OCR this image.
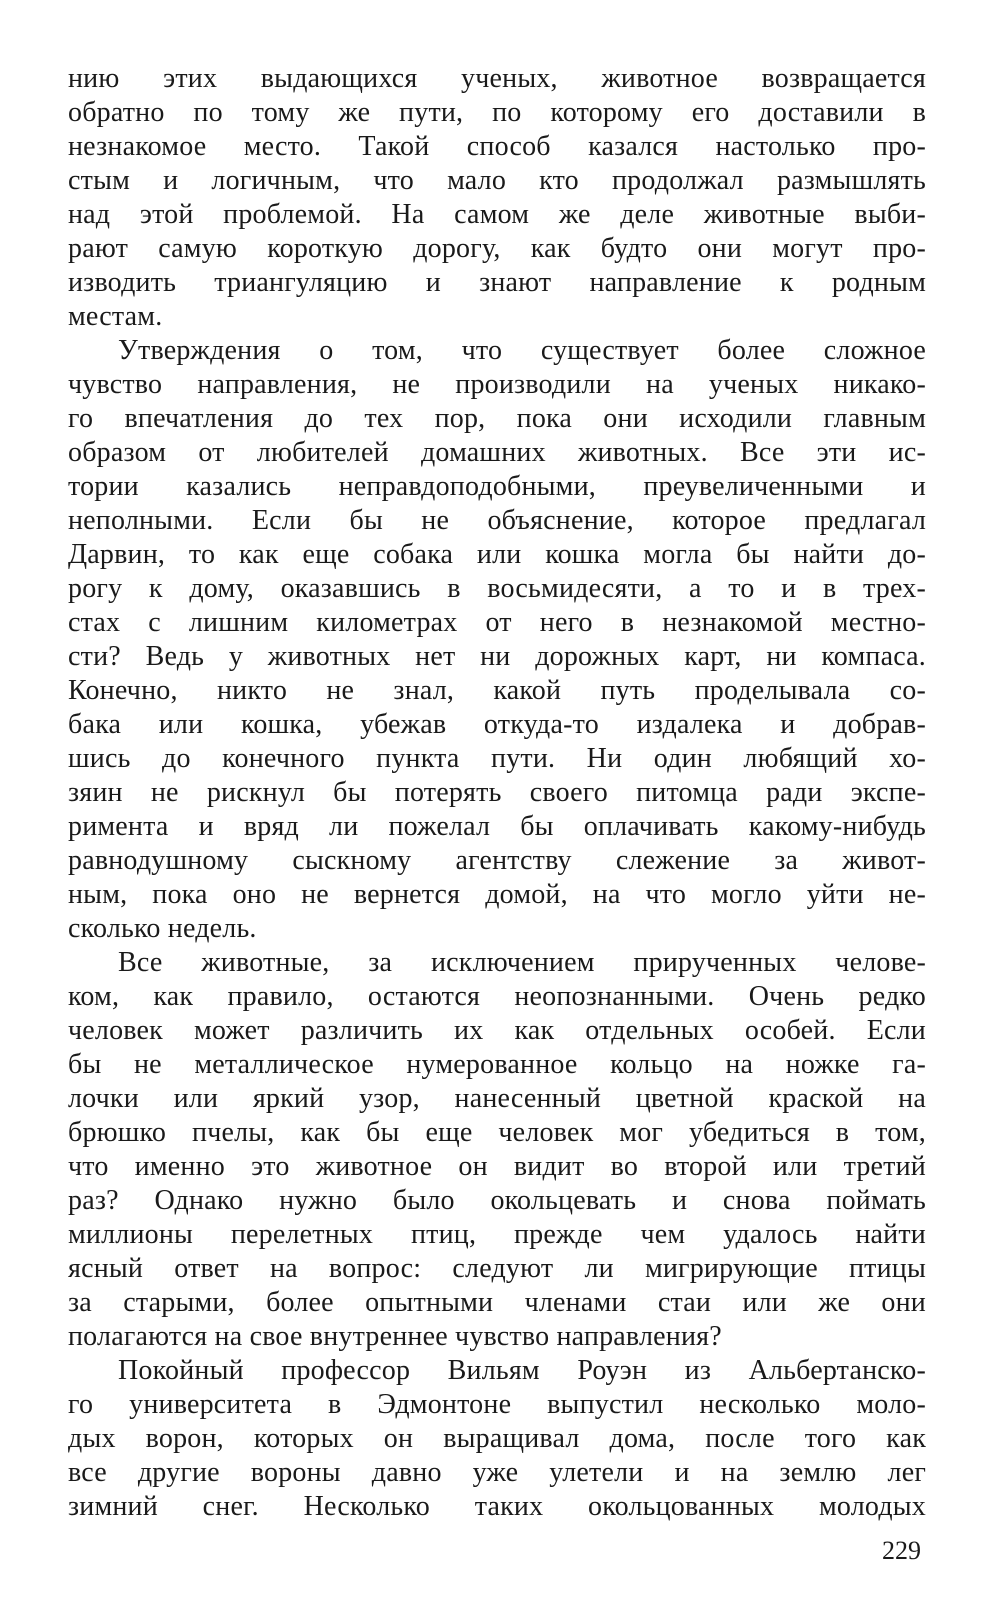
нию этих выдающихся ученых, животное возвращается
обратно по тому же пути, по которому его доставили в
незнакомое место. Такой способ казался настолько про-
стым и логичным, что мало кто продолжал размышлять
над этой проблемой. На самом же деле животные выби-
рают самую короткую дорогу, как будто они могут про-
изводить триангуляцию и знают направление к родным
местам.
Утверждения о том, что существует более сложное
чувство направления, не производили на ученых никако-
го впечатления до тех пор, пока они исходили главным
образом от любителей домашних животных. Все эти ис-
тории казались неправдоподобными, преувеличенными и
неполными. Если бы не объяснение, которое предлагал
Дарвин, то как еще собака или кошка могла бы найти до-
рогу к дому, оказавшись в восьмидесяти, а то и в трех-
стах с лишним километрах от него в незнакомой местно-
сти? Ведь у животных нет ни дорожных карт, ни компаса.
Конечно, никто не знал, какой путь проделывала со-
бака или кошка, убежав откуда-то издалека и добрав-
шись до конечного пункта пути. Ни один любящий хо-
зяин не рискнул бы потерять своего питомца ради экспе-
римента и вряд ли пожелал бы оплачивать какому-нибудь
равнодушному сыскному агентству слежение за живот-
ным, пока оно не вернется домой, на что могло уйти не-
сколько недель.
Все животные, за исключением прирученных челове-
ком, как правило, остаются неопознанными. Очень редко
человек может различить их как отдельных особей. Если
бы не металлическое нумерованное кольцо на ножке га-
лочки или яркий узор, нанесенный цветной краской на
брюшко пчелы, как бы еще человек мог убедиться в том,
что именно это животное он видит во второй или третий
раз? Однако нужно было окольцевать и снова поймать
миллионы перелетных птиц, прежде чем удалось найти
ясный ответ на вопрос: следуют ли мигрирующие птицы
за старыми, более опытными членами стаи или же они
полагаются на свое внутреннее чувство направления?
Покойный профессор Вильям Роуэн из Альбертанско-
го университета в Эдмонтоне выпустил несколько моло-
дых ворон, которых он выращивал дома, после того как
все другие вороны давно уже улетели и на землю лег
зимний снег. Несколько таких окольцованных молодых
229
